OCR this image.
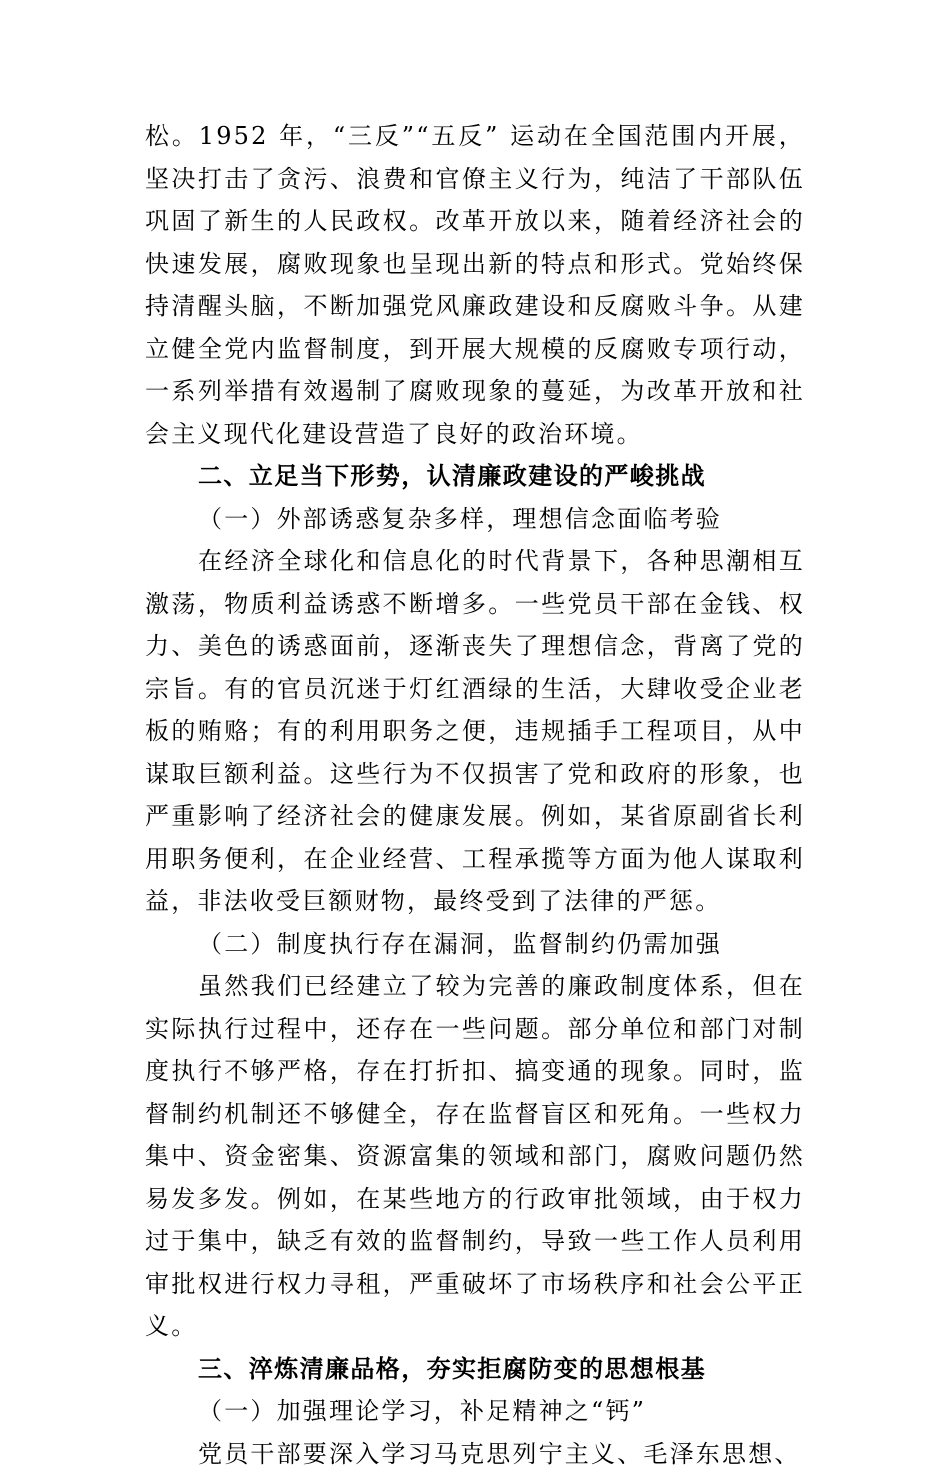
松。1952 年，“三反”“五反” 运动在全国范围内开展，坚决打击了贪污、浪费和官僚主义行为，纯洁了干部队伍巩固了新生的人民政权。改革开放以来，随着经济社会的快速发展，腐败现象也呈现出新的特点和形式。党始终保持清醒头脑，不断加强党风廉政建设和反腐败斗争。从建立健全党内监督制度，到开展大规模的反腐败专项行动，一系列举措有效遏制了腐败现象的蔓延，为改革开放和社会主义现代化建设营造了良好的政治环境。

二、立足当下形势，认清廉政建设的严峻挑战

（一）外部诱惑复杂多样，理想信念面临考验

在经济全球化和信息化的时代背景下，各种思潮相互激荡，物质利益诱惑不断增多。一些党员干部在金钱、权力、美色的诱惑面前，逐渐丧失了理想信念，背离了党的宗旨。有的官员沉迷于灯红酒绿的生活，大肆收受企业老板的贿赂；有的利用职务之便，违规插手工程项目，从中谋取巨额利益。这些行为不仅损害了党和政府的形象，也严重影响了经济社会的健康发展。例如，某省原副省长利用职务便利，在企业经营、工程承揽等方面为他人谋取利益，非法收受巨额财物，最终受到了法律的严惩。

（二）制度执行存在漏洞，监督制约仍需加强

虽然我们已经建立了较为完善的廉政制度体系，但在实际执行过程中，还存在一些问题。部分单位和部门对制度执行不够严格，存在打折扣、搞变通的现象。同时，监督制约机制还不够健全，存在监督盲区和死角。一些权力集中、资金密集、资源富集的领域和部门，腐败问题仍然易发多发。例如，在某些地方的行政审批领域，由于权力过于集中，缺乏有效的监督制约，导致一些工作人员利用审批权进行权力寻租，严重破坏了市场秩序和社会公平正义。

三、淬炼清廉品格，夯实拒腐防变的思想根基

（一）加强理论学习，补足精神之“钙”

党员干部要深入学习马克思列宁主义、毛泽东思想、
